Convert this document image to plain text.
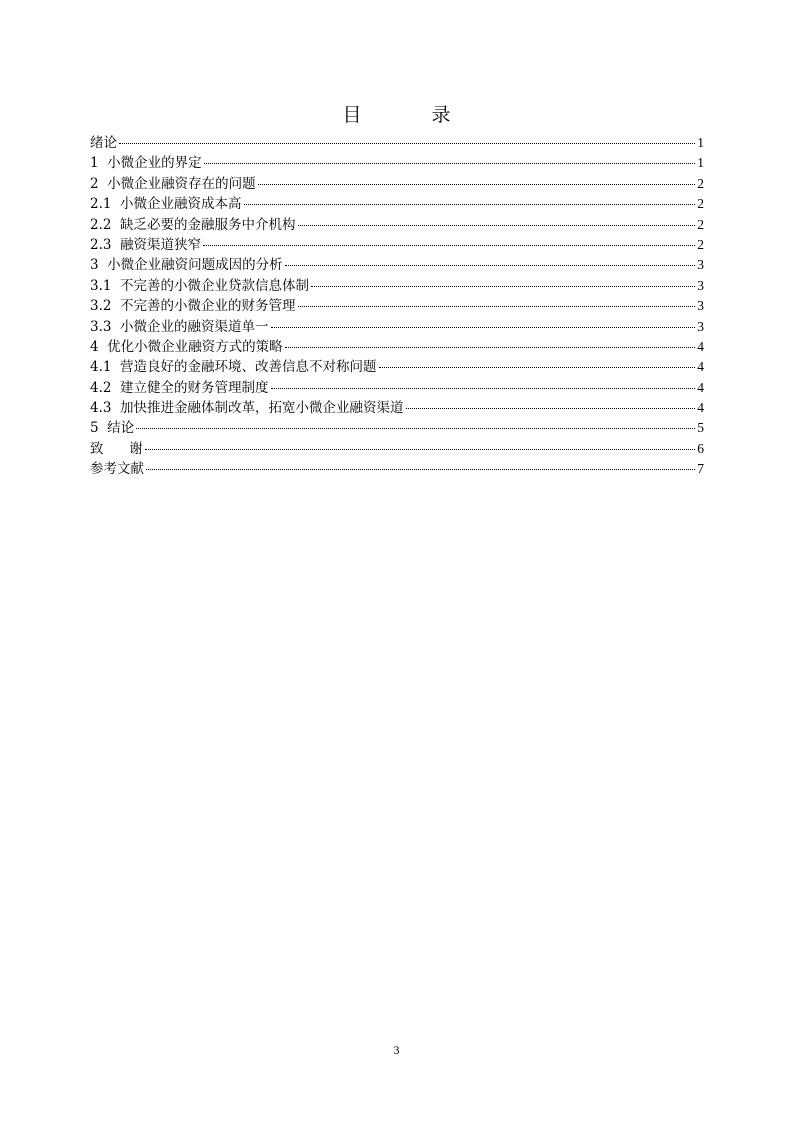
目 录
绪论	1
1  小微企业的界定	1
2  小微企业融资存在的问题	2
2.1  小微企业融资成本高	2
2.2  缺乏必要的金融服务中介机构	2
2.3  融资渠道狭窄	2
3  小微企业融资问题成因的分析	3
3.1  不完善的小微企业贷款信息体制	3
3.2  不完善的小微企业的财务管理	3
3.3  小微企业的融资渠道单一	3
4  优化小微企业融资方式的策略	4
4.1  营造良好的金融环境、改善信息不对称问题	4
4.2  建立健全的财务管理制度	4
4.3  加快推进金融体制改革，拓宽小微企业融资渠道	4
5  结论	5
致      谢	6
参考文献	7
3
